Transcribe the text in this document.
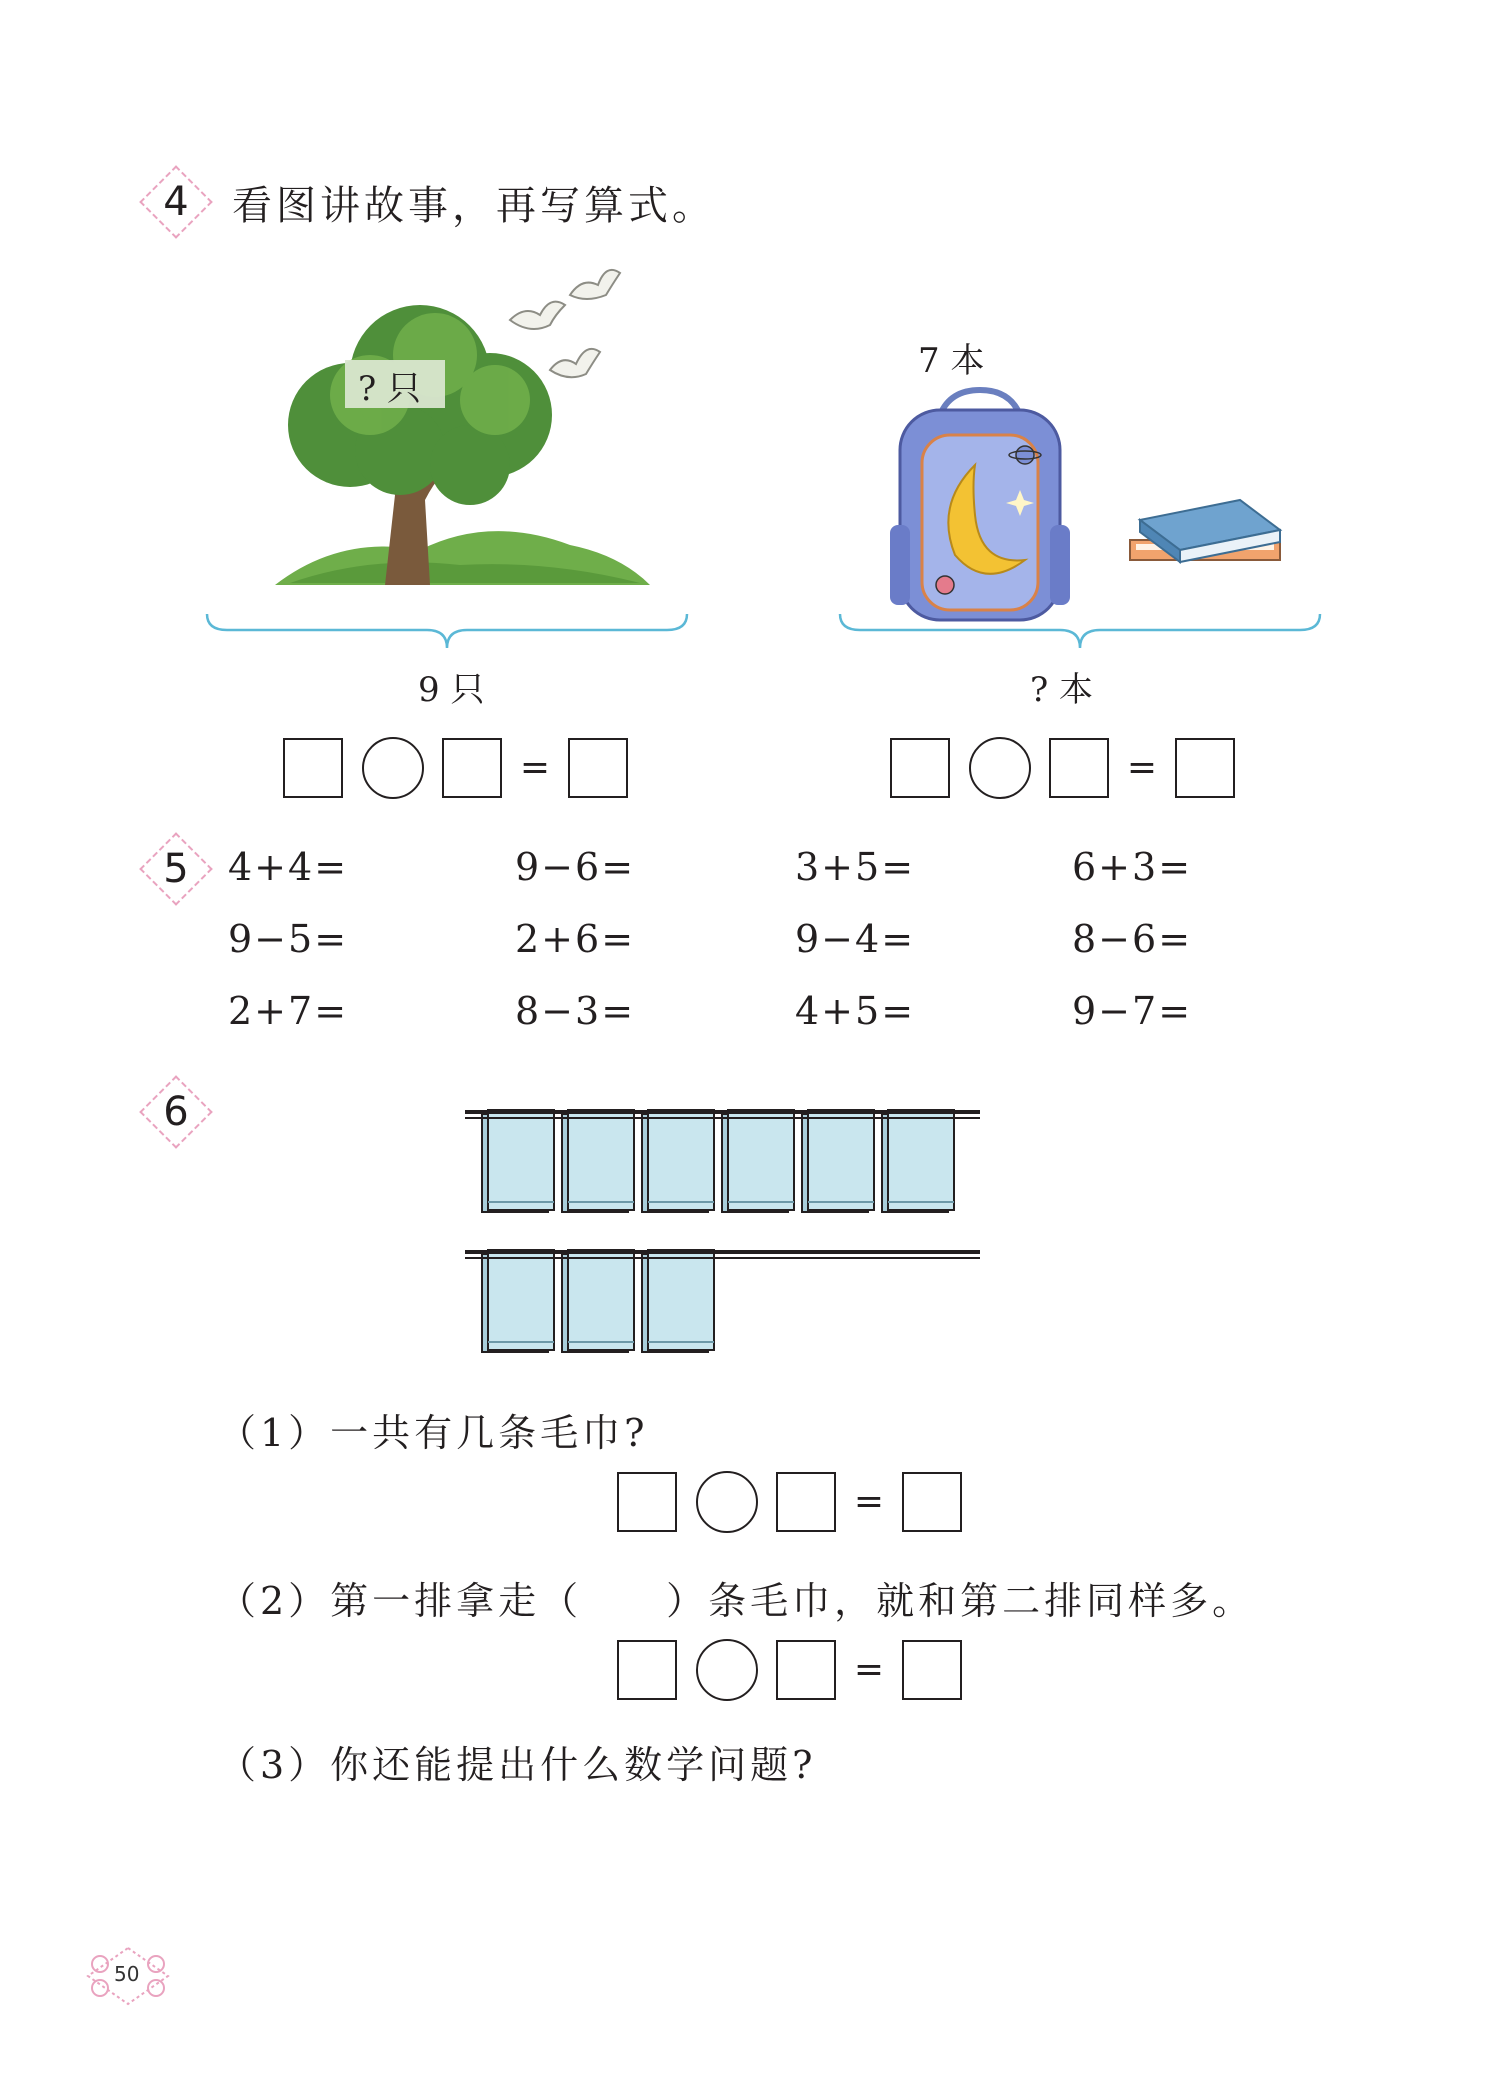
4	看图讲故事，再写算式。
? 只
9 只
=
7 本
? 本
=
5	4+4=	9−6=	3+5=	6+3=
9−5=	2+6=	9−4=	8−6=
2+7=	8−3=	4+5=	9−7=
6
（1）一共有几条毛巾?
=
（2）第一排拿走（　　）条毛巾，就和第二排同样多。
=
（3）你还能提出什么数学问题?
50
